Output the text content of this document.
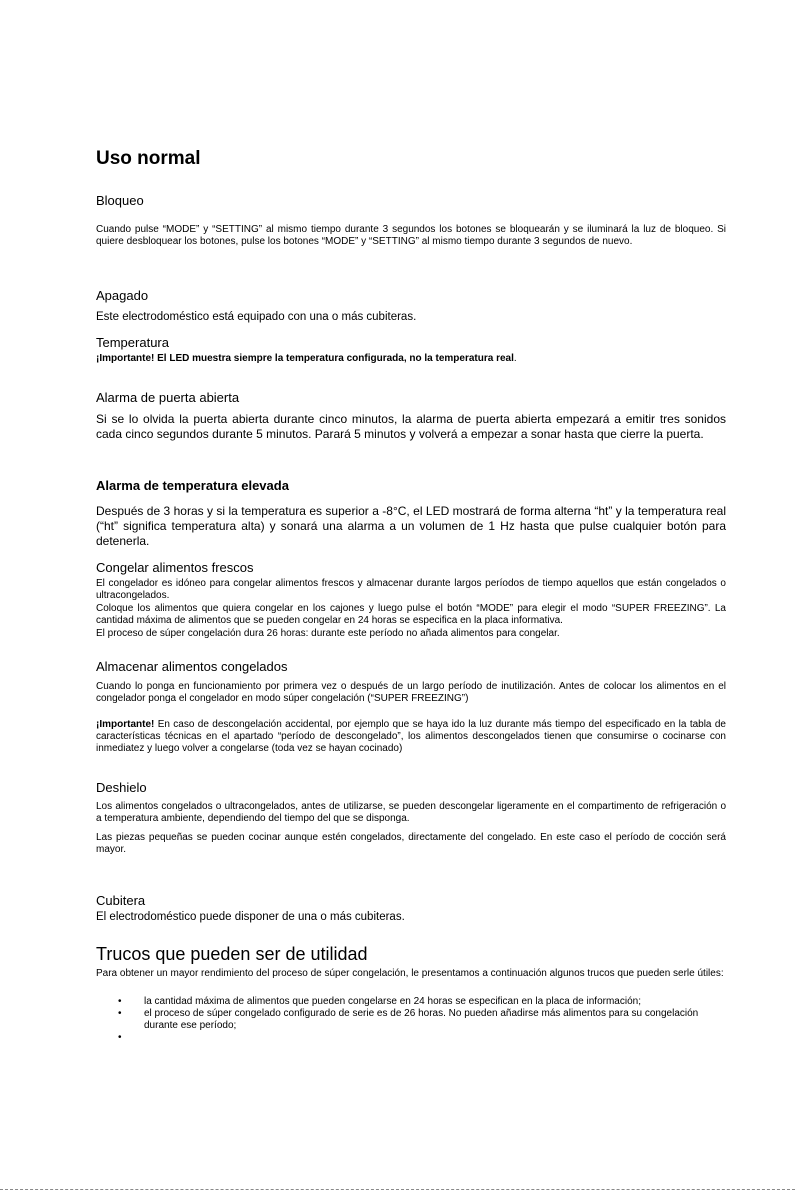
Uso normal
Bloqueo

Cuando pulse “MODE” y “SETTING” al mismo tiempo durante 3 segundos los botones se bloquearán y se iluminará la luz de bloqueo. Si quiere desbloquear los botones, pulse los botones “MODE” y “SETTING” al mismo tiempo durante 3 segundos de nuevo.

Apagado

Este electrodoméstico está equipado con una o más cubiteras.

Temperatura

¡Importante! El LED muestra siempre la temperatura configurada, no la temperatura real.

Alarma de puerta abierta

Si se lo olvida la puerta abierta durante cinco minutos, la alarma de puerta abierta empezará a emitir tres sonidos cada cinco segundos durante 5 minutos. Parará 5 minutos y volverá a empezar a sonar hasta que cierre la puerta.

Alarma de temperatura elevada

Después de 3 horas y si la temperatura es superior a -8°C, el LED mostrará de forma alterna “ht” y la temperatura real (“ht” significa temperatura alta) y sonará una alarma a un volumen de 1 Hz hasta que pulse cualquier botón para detenerla.

Congelar alimentos frescos

El congelador es idóneo para congelar alimentos frescos y almacenar durante largos períodos de tiempo aquellos que están congelados o ultracongelados.

Coloque los alimentos que quiera congelar en los cajones y luego pulse el botón “MODE” para elegir el modo “SUPER FREEZING”. La cantidad máxima de alimentos que se pueden congelar en 24 horas se especifica en la placa informativa.

El proceso de súper congelación dura 26 horas: durante este período no añada alimentos para congelar.

Almacenar alimentos congelados

Cuando lo ponga en funcionamiento por primera vez o después de un largo período de inutilización. Antes de colocar los alimentos en el congelador ponga el congelador en modo súper congelación (“SUPER FREEZING”)

¡Importante! En caso de descongelación accidental, por ejemplo que se haya ido la luz durante más tiempo del especificado en la tabla de características técnicas en el apartado “período de descongelado”, los alimentos descongelados tienen que consumirse o cocinarse con inmediatez y luego volver a congelarse (toda vez se hayan cocinado)

Deshielo

Los alimentos congelados o ultracongelados, antes de utilizarse, se pueden descongelar ligeramente en el compartimento de refrigeración o a temperatura ambiente, dependiendo del tiempo del que se disponga.

Las piezas pequeñas se pueden cocinar aunque estén congelados, directamente del congelado. En este caso el período de cocción será mayor.

Cubitera

El electrodoméstico puede disponer de una o más cubiteras.

Trucos que pueden ser de utilidad

Para obtener un mayor rendimiento del proceso de súper congelación, le presentamos a continuación algunos trucos que pueden serle útiles:

• la cantidad máxima de alimentos que pueden congelarse en 24 horas se especifican en la placa de información;
• el proceso de súper congelado configurado de serie es de 26 horas. No pueden añadirse más alimentos para su congelación durante ese período;
•
